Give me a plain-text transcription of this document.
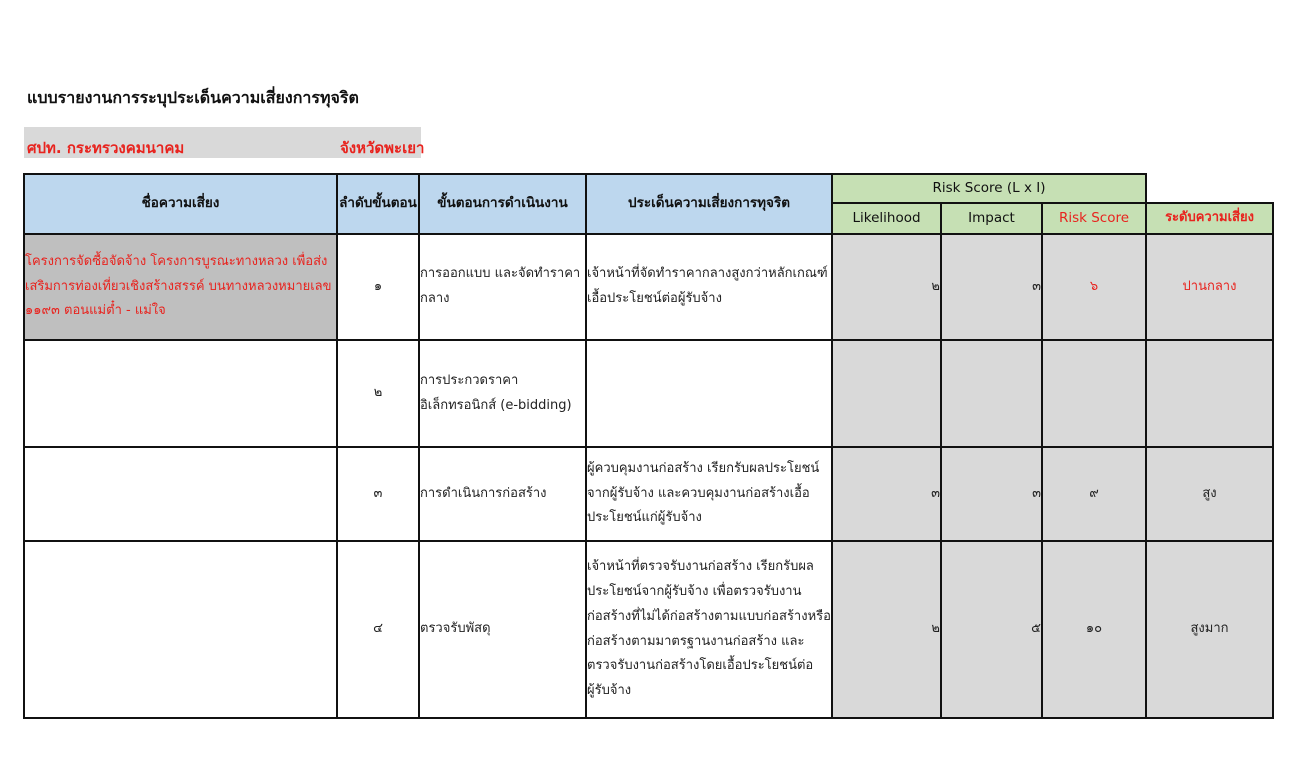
แบบรายงานการระบุประเด็นความเสี่ยงการทุจริต
ศปท. กระทรวงคมนาคม	จังหวัดพะเยา
ชื่อความเสี่ยง	ลำดับขั้นตอน	ขั้นตอนการดำเนินงาน	ประเด็นความเสี่ยงการทุจริต	Risk Score (L x I)			
				Likelihood	Impact	Risk Score	ระดับความเสี่ยง
โครงการจัดซื้อจัดจ้าง โครงการบูรณะทางหลวง เพื่อส่งเสริมการท่องเที่ยวเชิงสร้างสรรค์ บนทางหลวงหมายเลข ๑๑๙๓ ตอนแม่ต๋ำ - แม่ใจ	๑	การออกแบบ และจัดทำราคากลาง	เจ้าหน้าที่จัดทำราคากลางสูงกว่าหลักเกณฑ์ เอื้อประโยชน์ต่อผู้รับจ้าง	๒	๓	๖	ปานกลาง
	๒	การประกวดราคาอิเล็กทรอนิกส์ (e-bidding)					
	๓	การดำเนินการก่อสร้าง	ผู้ควบคุมงานก่อสร้าง เรียกรับผลประโยชน์จากผู้รับจ้าง และควบคุมงานก่อสร้างเอื้อประโยชน์แก่ผู้รับจ้าง	๓	๓	๙	สูง
	๔	ตรวจรับพัสดุ	เจ้าหน้าที่ตรวจรับงานก่อสร้าง เรียกรับผลประโยชน์จากผู้รับจ้าง เพื่อตรวจรับงานก่อสร้างที่ไม่ได้ก่อสร้างตามแบบก่อสร้างหรือก่อสร้างตามมาตรฐานงานก่อสร้าง และตรวจรับงานก่อสร้างโดยเอื้อประโยชน์ต่อผู้รับจ้าง	๒	๕	๑๐	สูงมาก
